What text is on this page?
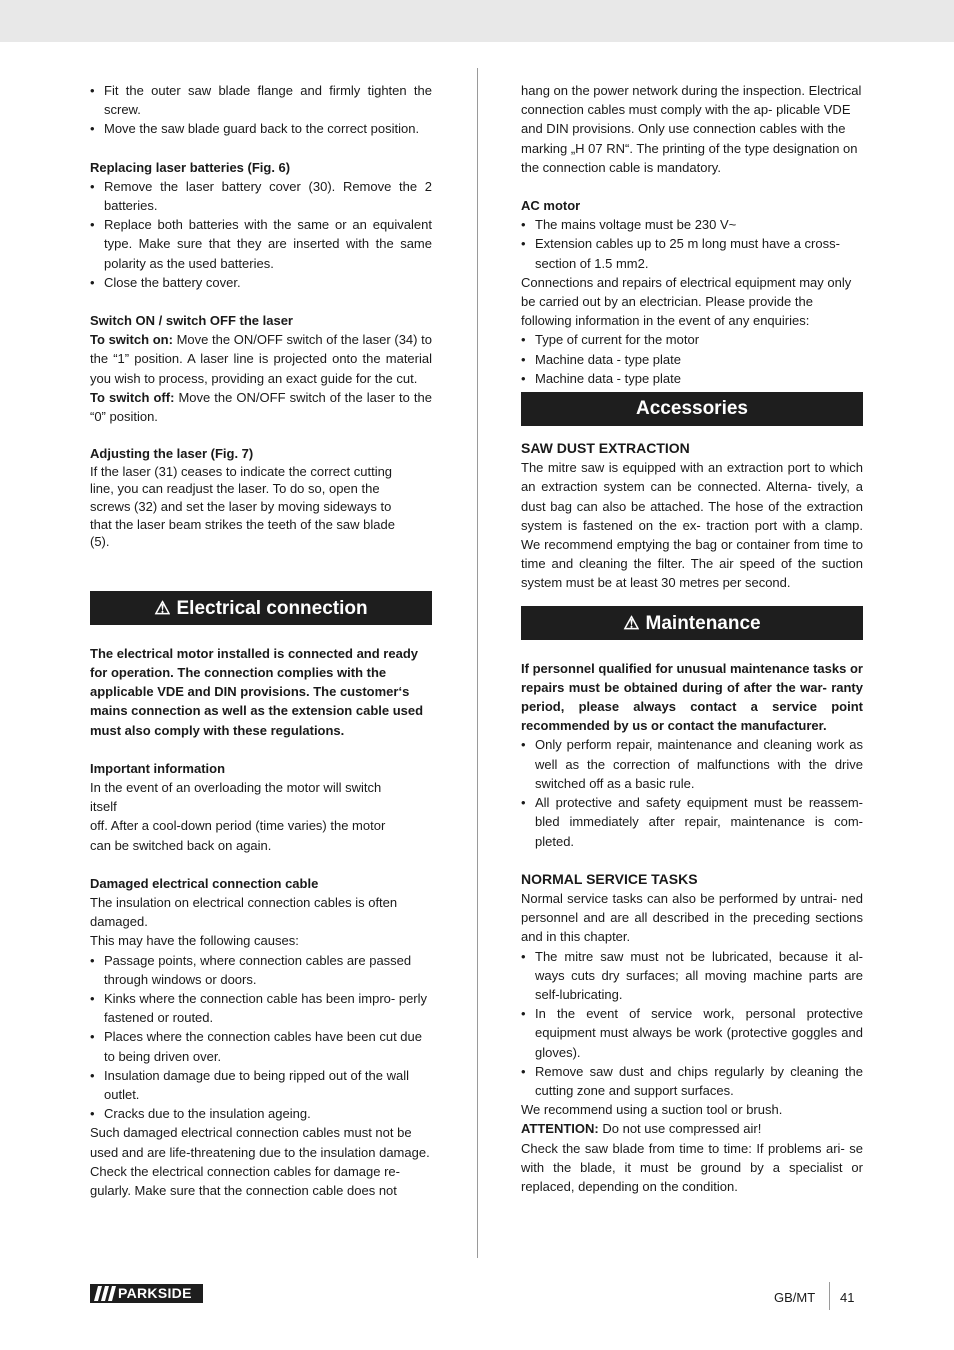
• Fit the outer saw blade flange and firmly tighten the screw.
• Move the saw blade guard back to the correct position.

Replacing laser batteries (Fig. 6)

• Remove the laser battery cover (30). Remove the 2 batteries.
• Replace both batteries with the same or an equivalent type. Make sure that they are inserted with the same polarity as the used batteries.
• Close the battery cover.

Switch ON / switch OFF the laser

To switch on: Move the ON/OFF switch of the laser (34) to the “1” position. A laser line is projected onto the material you wish to process, providing an exact guide for the cut.

To switch off: Move the ON/OFF switch of the laser to the “0” position.

Adjusting the laser (Fig. 7)

If the laser (31) ceases to indicate the correct cutting

line, you can readjust the laser. To do so, open the

screws (32) and set the laser by moving sideways to

that the laser beam strikes the teeth of the saw blade

(5).

⚠ Electrical connection

The electrical motor installed is connected and ready for operation. The connection complies with the applicable VDE and DIN provisions. The customer‘s mains connection as well as the extension cable used must also comply with these regulations.

Important information

In the event of an overloading the motor will switch

itself

off. After a cool-down period (time varies) the motor

can be switched back on again.

Damaged electrical connection cable

The insulation on electrical connection cables is often

damaged.

This may have the following causes:

• Passage points, where connection cables are passed through windows or doors.
• Kinks where the connection cable has been impro- perly fastened or routed.
• Places where the connection cables have been cut due to being driven over.
• Insulation damage due to being ripped out of the wall outlet.
• Cracks due to the insulation ageing.

Such damaged electrical connection cables must not be used and are life-threatening due to the insulation damage. Check the electrical connection cables for damage re- gularly. Make sure that the connection cable does not

hang on the power network during the inspection. Electrical connection cables must comply with the ap- plicable VDE and DIN provisions. Only use connection cables with the marking „H 07 RN“. The printing of the type designation on the connection cable is mandatory.

AC motor

• The mains voltage must be 230 V~
• Extension cables up to 25 m long must have a cross-section of 1.5 mm2.

Connections and repairs of electrical equipment may only be carried out by an electrician. Please provide the following information in the event of any enquiries:

• Type of current for the motor
• Machine data - type plate
• Machine data - type plate
Accessories

SAW DUST EXTRACTION

The mitre saw is equipped with an extraction port to which an extraction system can be connected. Alterna- tively, a dust bag can also be attached. The hose of the extraction system is fastened on the ex- traction port with a clamp. We recommend emptying the bag or container from time to time and cleaning the filter. The air speed of the suction system must be at least 30 metres per second.

⚠ Maintenance

If personnel qualified for unusual maintenance tasks or repairs must be obtained during of after the war- ranty period, please always contact a service point recommended by us or contact the manufacturer.

• Only perform repair, maintenance and cleaning work as well as the correction of malfunctions with the drive switched off as a basic rule.
• All protective and safety equipment must be reassem- bled immediately after repair, maintenance is com- pleted.

NORMAL SERVICE TASKS

Normal service tasks can also be performed by untrai- ned personnel and are all described in the preceding sections and in this chapter.

• The mitre saw must not be lubricated, because it al- ways cuts dry surfaces; all moving machine parts are self-lubricating.
• In the event of service work, personal protective equipment must always be work (protective goggles and gloves).
• Remove saw dust and chips regularly by cleaning the cutting zone and support surfaces.

We recommend using a suction tool or brush.

ATTENTION: Do not use compressed air!

Check the saw blade from time to time: If problems ari- se with the blade, it must be ground by a specialist or replaced, depending on the condition.

PARKSIDE	GB/MT 41
